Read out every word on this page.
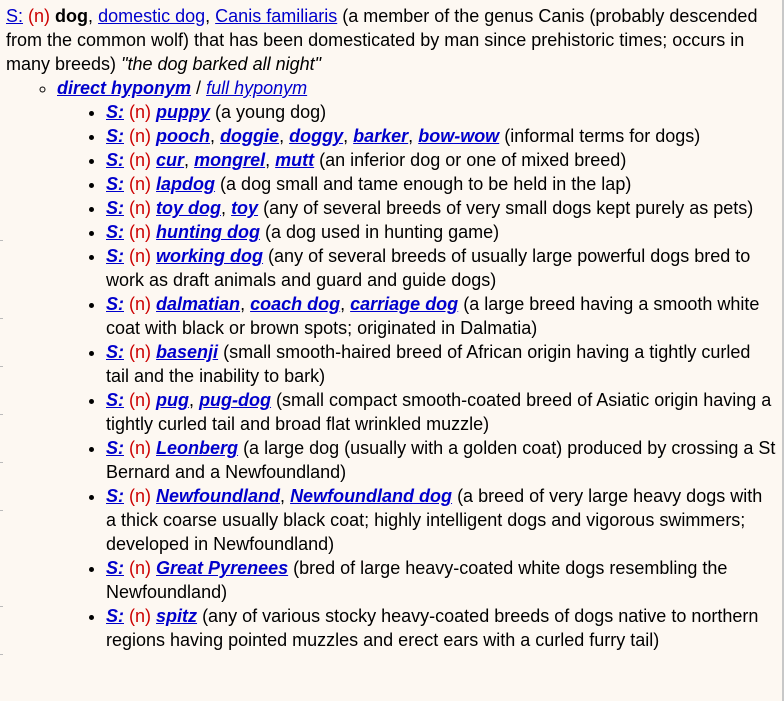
S: (n) dog, domestic dog, Canis familiaris (a member of the genus Canis (probably descended from the common wolf) that has been domesticated by man since prehistoric times; occurs in many breeds) "the dog barked all night"
◦ direct hyponym / full hyponym
• S: (n) puppy (a young dog)
• S: (n) pooch, doggie, doggy, barker, bow-wow (informal terms for dogs)
• S: (n) cur, mongrel, mutt (an inferior dog or one of mixed breed)
• S: (n) lapdog (a dog small and tame enough to be held in the lap)
• S: (n) toy dog, toy (any of several breeds of very small dogs kept purely as pets)
• S: (n) hunting dog (a dog used in hunting game)
• S: (n) working dog (any of several breeds of usually large powerful dogs bred to work as draft animals and guard and guide dogs)
• S: (n) dalmatian, coach dog, carriage dog (a large breed having a smooth white coat with black or brown spots; originated in Dalmatia)
• S: (n) basenji (small smooth-haired breed of African origin having a tightly curled tail and the inability to bark)
• S: (n) pug, pug-dog (small compact smooth-coated breed of Asiatic origin having a tightly curled tail and broad flat wrinkled muzzle)
• S: (n) Leonberg (a large dog (usually with a golden coat) produced by crossing a St Bernard and a Newfoundland)
• S: (n) Newfoundland, Newfoundland dog (a breed of very large heavy dogs with a thick coarse usually black coat; highly intelligent dogs and vigorous swimmers; developed in Newfoundland)
• S: (n) Great Pyrenees (bred of large heavy-coated white dogs resembling the Newfoundland)
• S: (n) spitz (any of various stocky heavy-coated breeds of dogs native to northern regions having pointed muzzles and erect ears with a curled furry tail)
